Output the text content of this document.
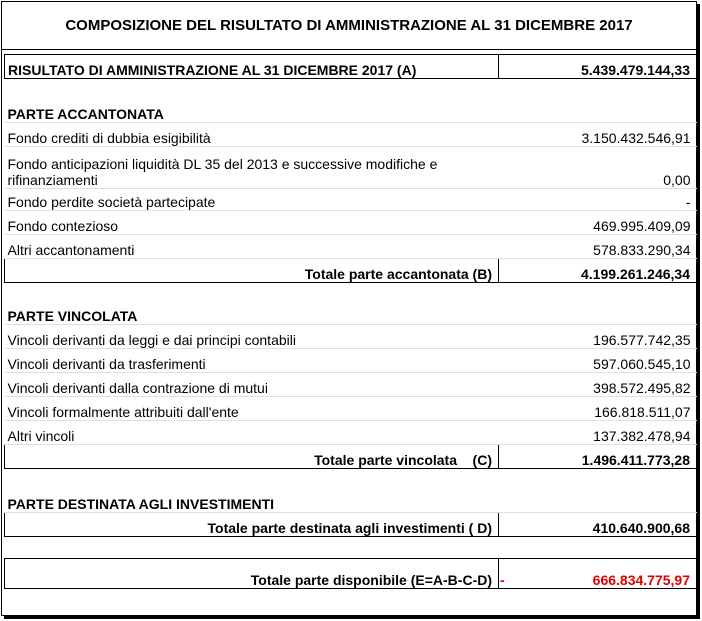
COMPOSIZIONE DEL RISULTATO DI AMMINISTRAZIONE AL 31 DICEMBRE 2017
RISULTATO DI AMMINISTRAZIONE AL 31 DICEMBRE 2017 (A)	5.439.479.144,33

PARTE ACCANTONATA	
Fondo crediti di dubbia esigibilità	3.150.432.546,91

Fondo anticipazioni liquidità DL 35 del 2013 e successive modifiche e
rifinanziamenti	0,00
Fondo perdite società partecipate	-
Fondo contezioso	469.995.409,09
Altri accantonamenti	578.833.290,34
Totale parte accantonata (B)	4.199.261.246,34

PARTE VINCOLATA	
Vincoli derivanti da leggi e dai principi contabili	196.577.742,35
Vincoli derivanti da trasferimenti	597.060.545,10
Vincoli derivanti dalla contrazione di mutui	398.572.495,82
Vincoli formalmente attribuiti dall'ente	166.818.511,07
Altri vincoli	137.382.478,94
Totale parte vincolata    (C)	1.496.411.773,28

PARTE DESTINATA AGLI INVESTIMENTI	
Totale parte destinata agli investimenti ( D)	410.640.900,68

Totale parte disponibile (E=A-B-C-D)	- 666.834.775,97
